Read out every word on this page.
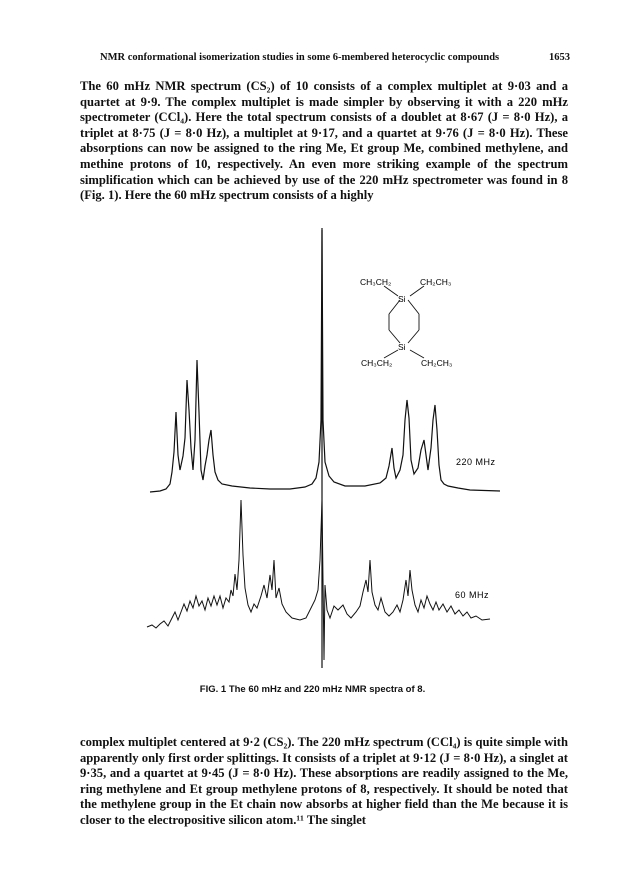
NMR conformational isomerization studies in some 6-membered heterocyclic compounds	1653

The 60 mHz NMR spectrum (CS₂) of 10 consists of a complex multiplet at 9·03 and a quartet at 9·9. The complex multiplet is made simpler by observing it with a 220 mHz spectrometer (CCl₄). Here the total spectrum consists of a doublet at 8·67 (J = 8·0 Hz), a triplet at 8·75 (J = 8·0 Hz), a multiplet at 9·17, and a quartet at 9·76 (J = 8·0 Hz). These absorptions can now be assigned to the ring Me, Et group Me, combined methylene, and methine protons of 10, respectively. An even more striking example of the spectrum simplification which can be achieved by use of the 220 mHz spectrometer was found in 8 (Fig. 1). Here the 60 mHz spectrum consists of a highly

CH₃CH₂	CH₂CH₃
Si
Si
CH₃CH₂	CH₂CH₃
220 MHz
60 MHz
FIG. 1 The 60 mHz and 220 mHz NMR spectra of 8.

complex multiplet centered at 9·2 (CS₂). The 220 mHz spectrum (CCl₄) is quite simple with apparently only first order splittings. It consists of a triplet at 9·12 (J = 8·0 Hz), a singlet at 9·35, and a quartet at 9·45 (J = 8·0 Hz). These absorptions are readily assigned to the Me, ring methylene and Et group methylene protons of 8, respectively. It should be noted that the methylene group in the Et chain now absorbs at higher field than the Me because it is closer to the electropositive silicon atom.¹¹ The singlet
